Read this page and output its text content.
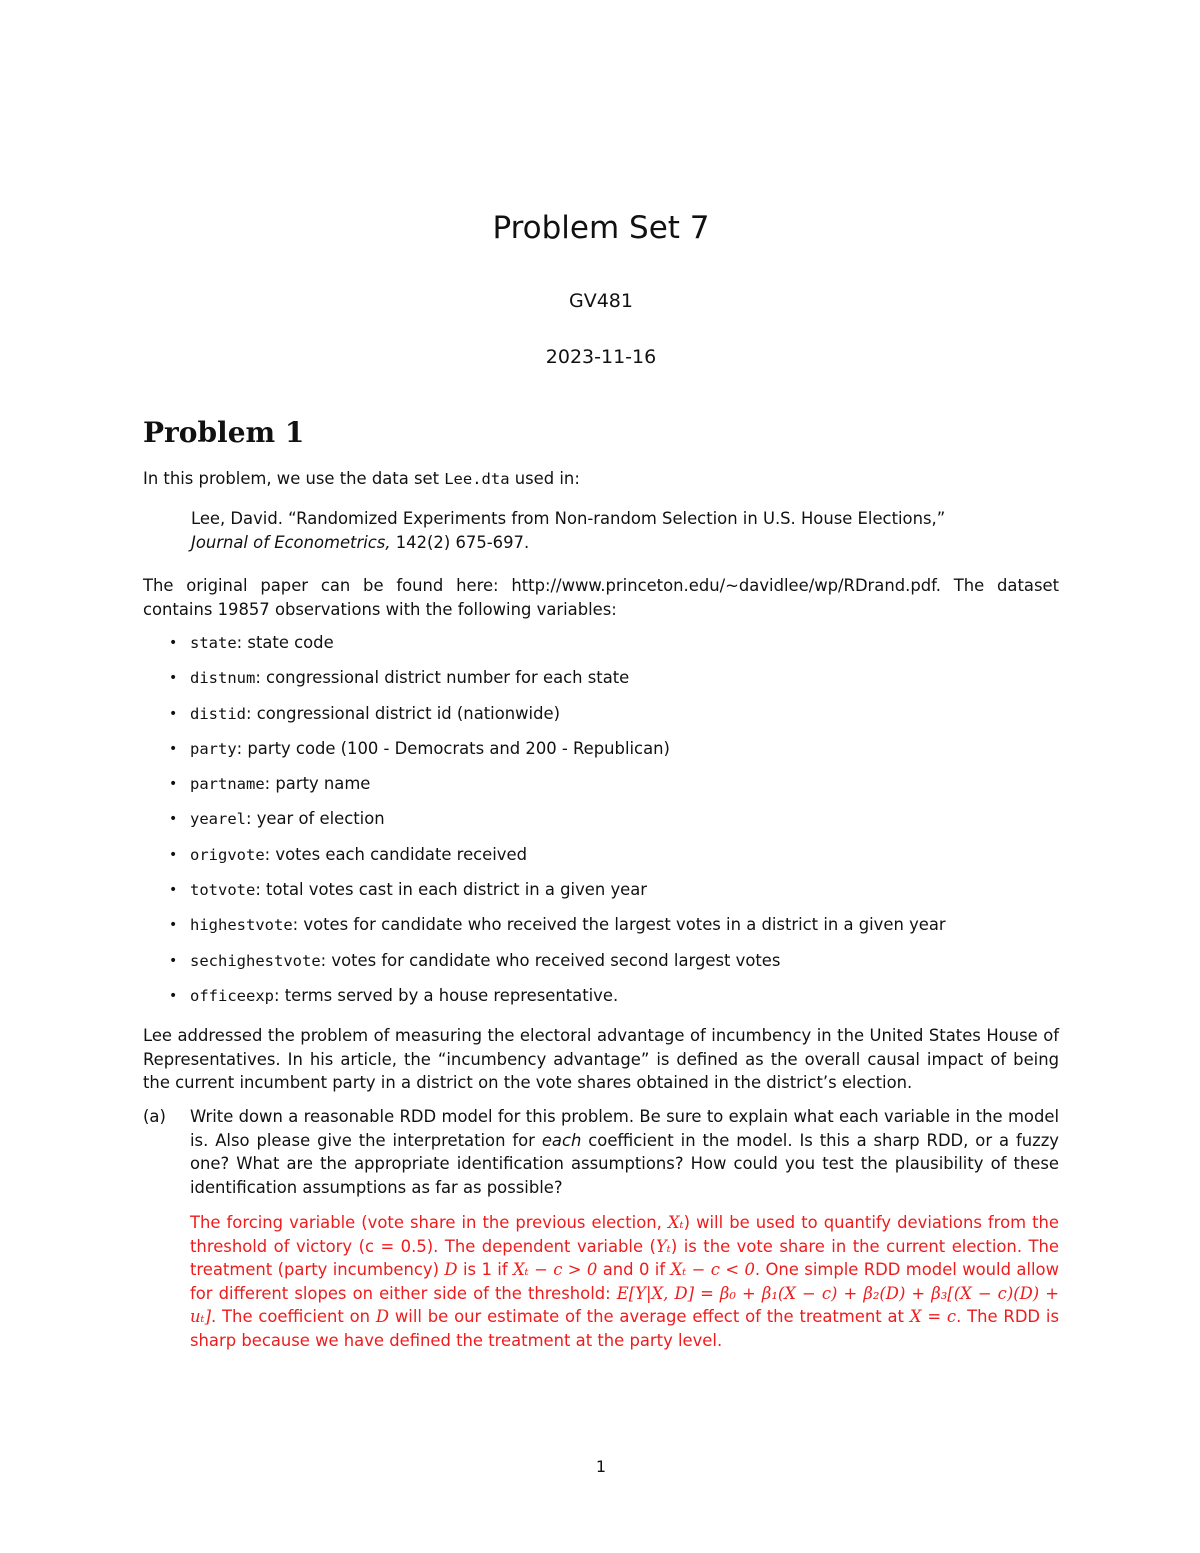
Problem Set 7
GV481
2023-11-16
Problem 1

In this problem, we use the data set Lee.dta used in:

Lee, David. “Randomized Experiments from Non-random Selection in U.S. House Elections,”
Journal of Econometrics, 142(2) 675-697.

The original paper can be found here: http://www.princeton.edu/~davidlee/wp/RDrand.pdf. The dataset contains 19857 observations with the following variables:

• state: state code
• distnum: congressional district number for each state
• distid: congressional district id (nationwide)
• party: party code (100 - Democrats and 200 - Republican)
• partname: party name
• yearel: year of election
• origvote: votes each candidate received
• totvote: total votes cast in each district in a given year
• highestvote: votes for candidate who received the largest votes in a district in a given year
• sechighestvote: votes for candidate who received second largest votes
• officeexp: terms served by a house representative.

Lee addressed the problem of measuring the electoral advantage of incumbency in the United States House of Representatives. In his article, the “incumbency advantage” is defined as the overall causal impact of being the current incumbent party in a district on the vote shares obtained in the district’s election.

(a) Write down a reasonable RDD model for this problem. Be sure to explain what each variable in the model is. Also please give the interpretation for each coefficient in the model. Is this a sharp RDD, or a fuzzy one? What are the appropriate identification assumptions? How could you test the plausibility of these identification assumptions as far as possible?

The forcing variable (vote share in the previous election, Xₜ) will be used to quantify deviations from the threshold of victory (c = 0.5). The dependent variable (Yₜ) is the vote share in the current election. The treatment (party incumbency) D is 1 if Xₜ − c > 0 and 0 if Xₜ − c < 0. One simple RDD model would allow for different slopes on either side of the threshold: E[Y|X, D] = β₀ + β₁(X − c) + β₂(D) + β₃[(X − c)(D) + uₜ]. The coefficient on D will be our estimate of the average effect of the treatment at X = c. The RDD is sharp because we have defined the treatment at the party level.

1
